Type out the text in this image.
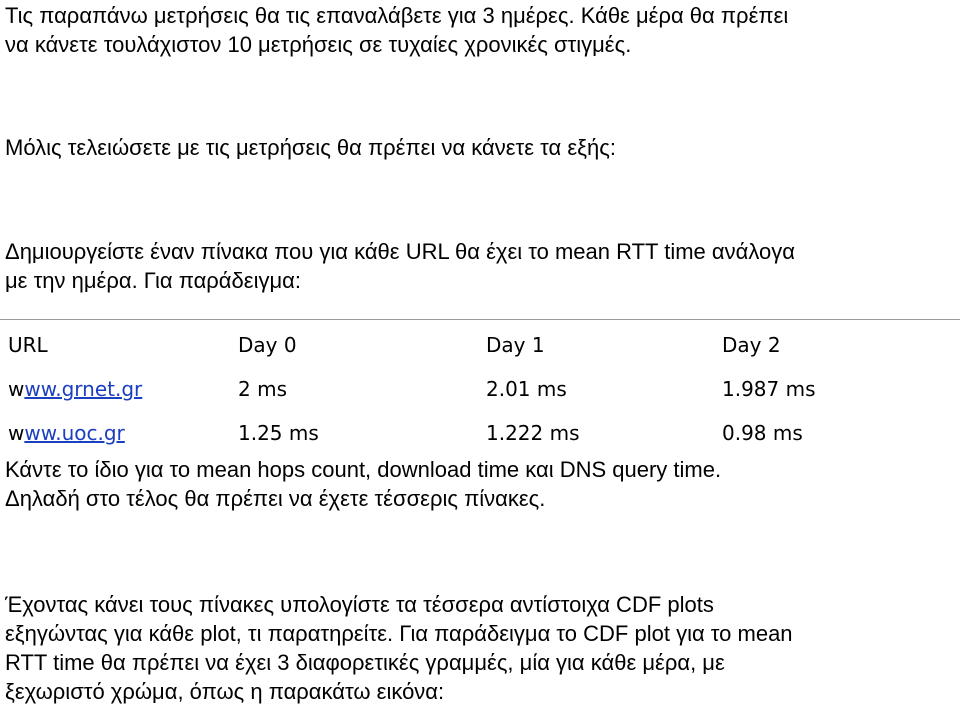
Τις παραπάνω μετρήσεις θα τις επαναλάβετε για 3 ημέρες. Κάθε μέρα θα πρέπει

να κάνετε τουλάχιστον 10 μετρήσεις σε τυχαίες χρονικές στιγμές.

Μόλις τελειώσετε με τις μετρήσεις θα πρέπει να κάνετε τα εξής:

Δημιουργείστε έναν πίνακα που για κάθε URL θα έχει το mean RTT time ανάλογα

με την ημέρα. Για παράδειγμα:

URL	Day 0	Day 1	Day 2
www.grnet.gr	2 ms	2.01 ms	1.987 ms
www.uoc.gr	1.25 ms	1.222 ms	0.98 ms

Κάντε το ίδιο για το mean hops count, download time και DNS query time.

Δηλαδή στο τέλος θα πρέπει να έχετε τέσσερις πίνακες.

Έχοντας κάνει τους πίνακες υπολογίστε τα τέσσερα αντίστοιχα CDF plots

εξηγώντας για κάθε plot, τι παρατηρείτε. Για παράδειγμα το CDF plot για το mean

RTT time θα πρέπει να έχει 3 διαφορετικές γραμμές, μία για κάθε μέρα, με

ξεχωριστό χρώμα, όπως η παρακάτω εικόνα:
